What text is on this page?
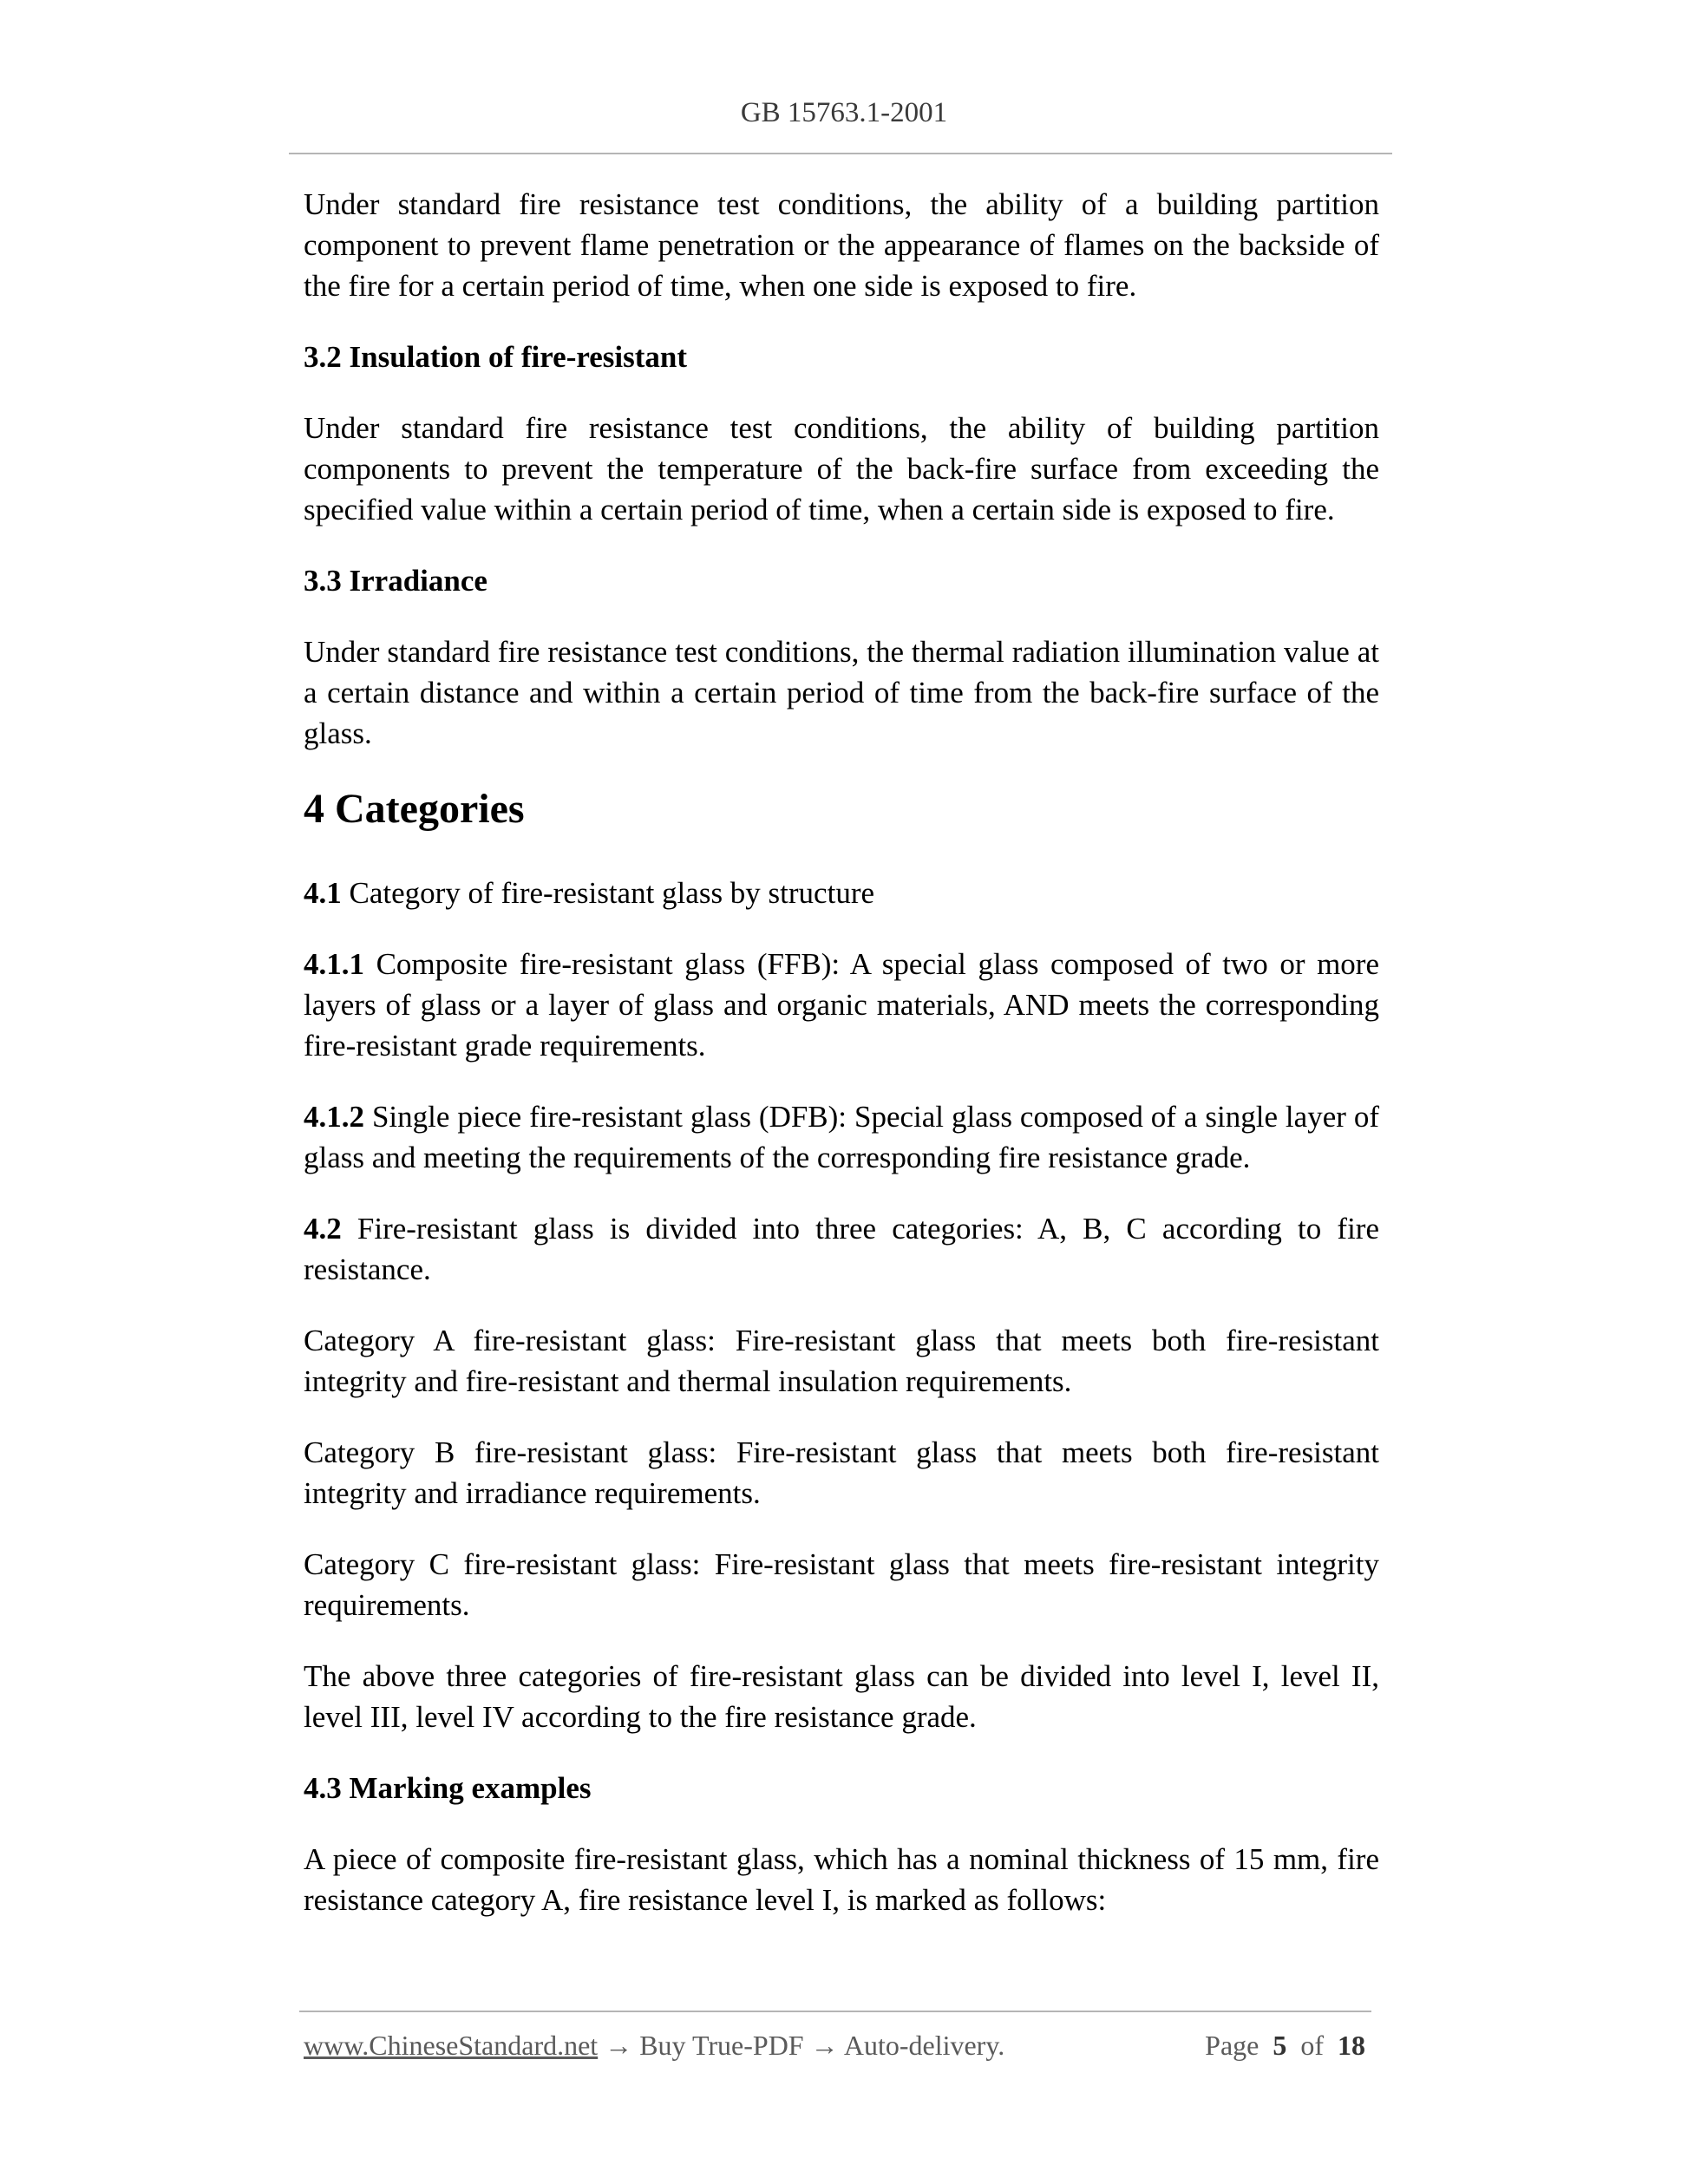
GB 15763.1-2001

Under standard fire resistance test conditions, the ability of a building partition component to prevent flame penetration or the appearance of flames on the backside of the fire for a certain period of time, when one side is exposed to fire.

3.2 Insulation of fire-resistant

Under standard fire resistance test conditions, the ability of building partition components to prevent the temperature of the back-fire surface from exceeding the specified value within a certain period of time, when a certain side is exposed to fire.

3.3 Irradiance

Under standard fire resistance test conditions, the thermal radiation illumination value at a certain distance and within a certain period of time from the back-fire surface of the glass.

4 Categories

4.1 Category of fire-resistant glass by structure

4.1.1 Composite fire-resistant glass (FFB): A special glass composed of two or more layers of glass or a layer of glass and organic materials, AND meets the corresponding fire-resistant grade requirements.

4.1.2 Single piece fire-resistant glass (DFB): Special glass composed of a single layer of glass and meeting the requirements of the corresponding fire resistance grade.

4.2 Fire-resistant glass is divided into three categories: A, B, C according to fire resistance.

Category A fire-resistant glass: Fire-resistant glass that meets both fire-resistant integrity and fire-resistant and thermal insulation requirements.

Category B fire-resistant glass: Fire-resistant glass that meets both fire-resistant integrity and irradiance requirements.

Category C fire-resistant glass: Fire-resistant glass that meets fire-resistant integrity requirements.

The above three categories of fire-resistant glass can be divided into level I, level II, level III, level IV according to the fire resistance grade.

4.3 Marking examples

A piece of composite fire-resistant glass, which has a nominal thickness of 15 mm, fire resistance category A, fire resistance level I, is marked as follows:

www.ChineseStandard.net → Buy True-PDF → Auto-delivery.	Page 5 of 18
